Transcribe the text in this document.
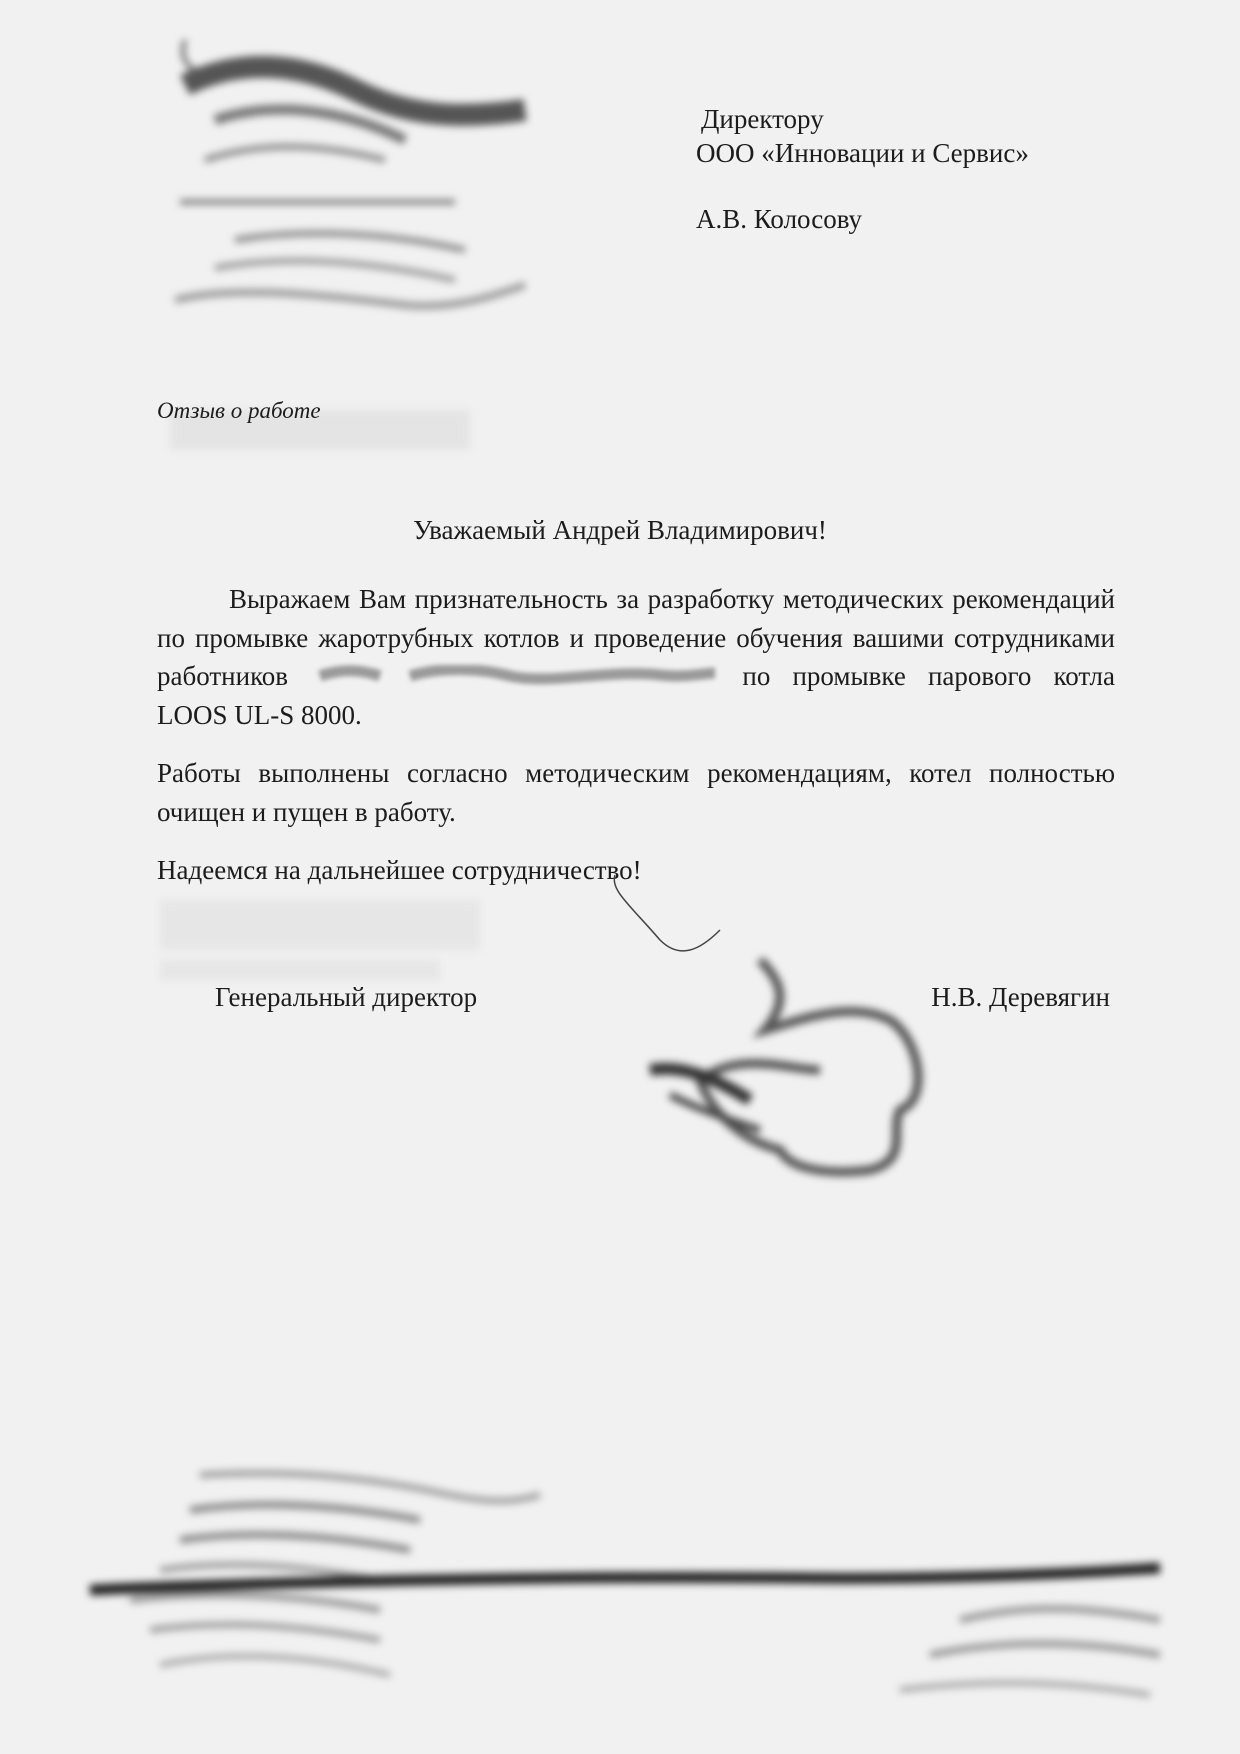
Директору
ООО «Инновации и Сервис»
А.В. Колосову
Отзыв о работе
Уважаемый Андрей Владимирович!

Выражаем Вам признательность за разработку методических рекомендаций по промывке жаротрубных котлов и проведение обучения вашими сотрудниками работников	по промывке парового котла LOOS UL-S 8000.

Работы выполнены согласно методическим рекомендациям, котел полностью очищен и пущен в работу.

Надеемся на дальнейшее сотрудничество!

Генеральный директор	Н.В. Деревягин
